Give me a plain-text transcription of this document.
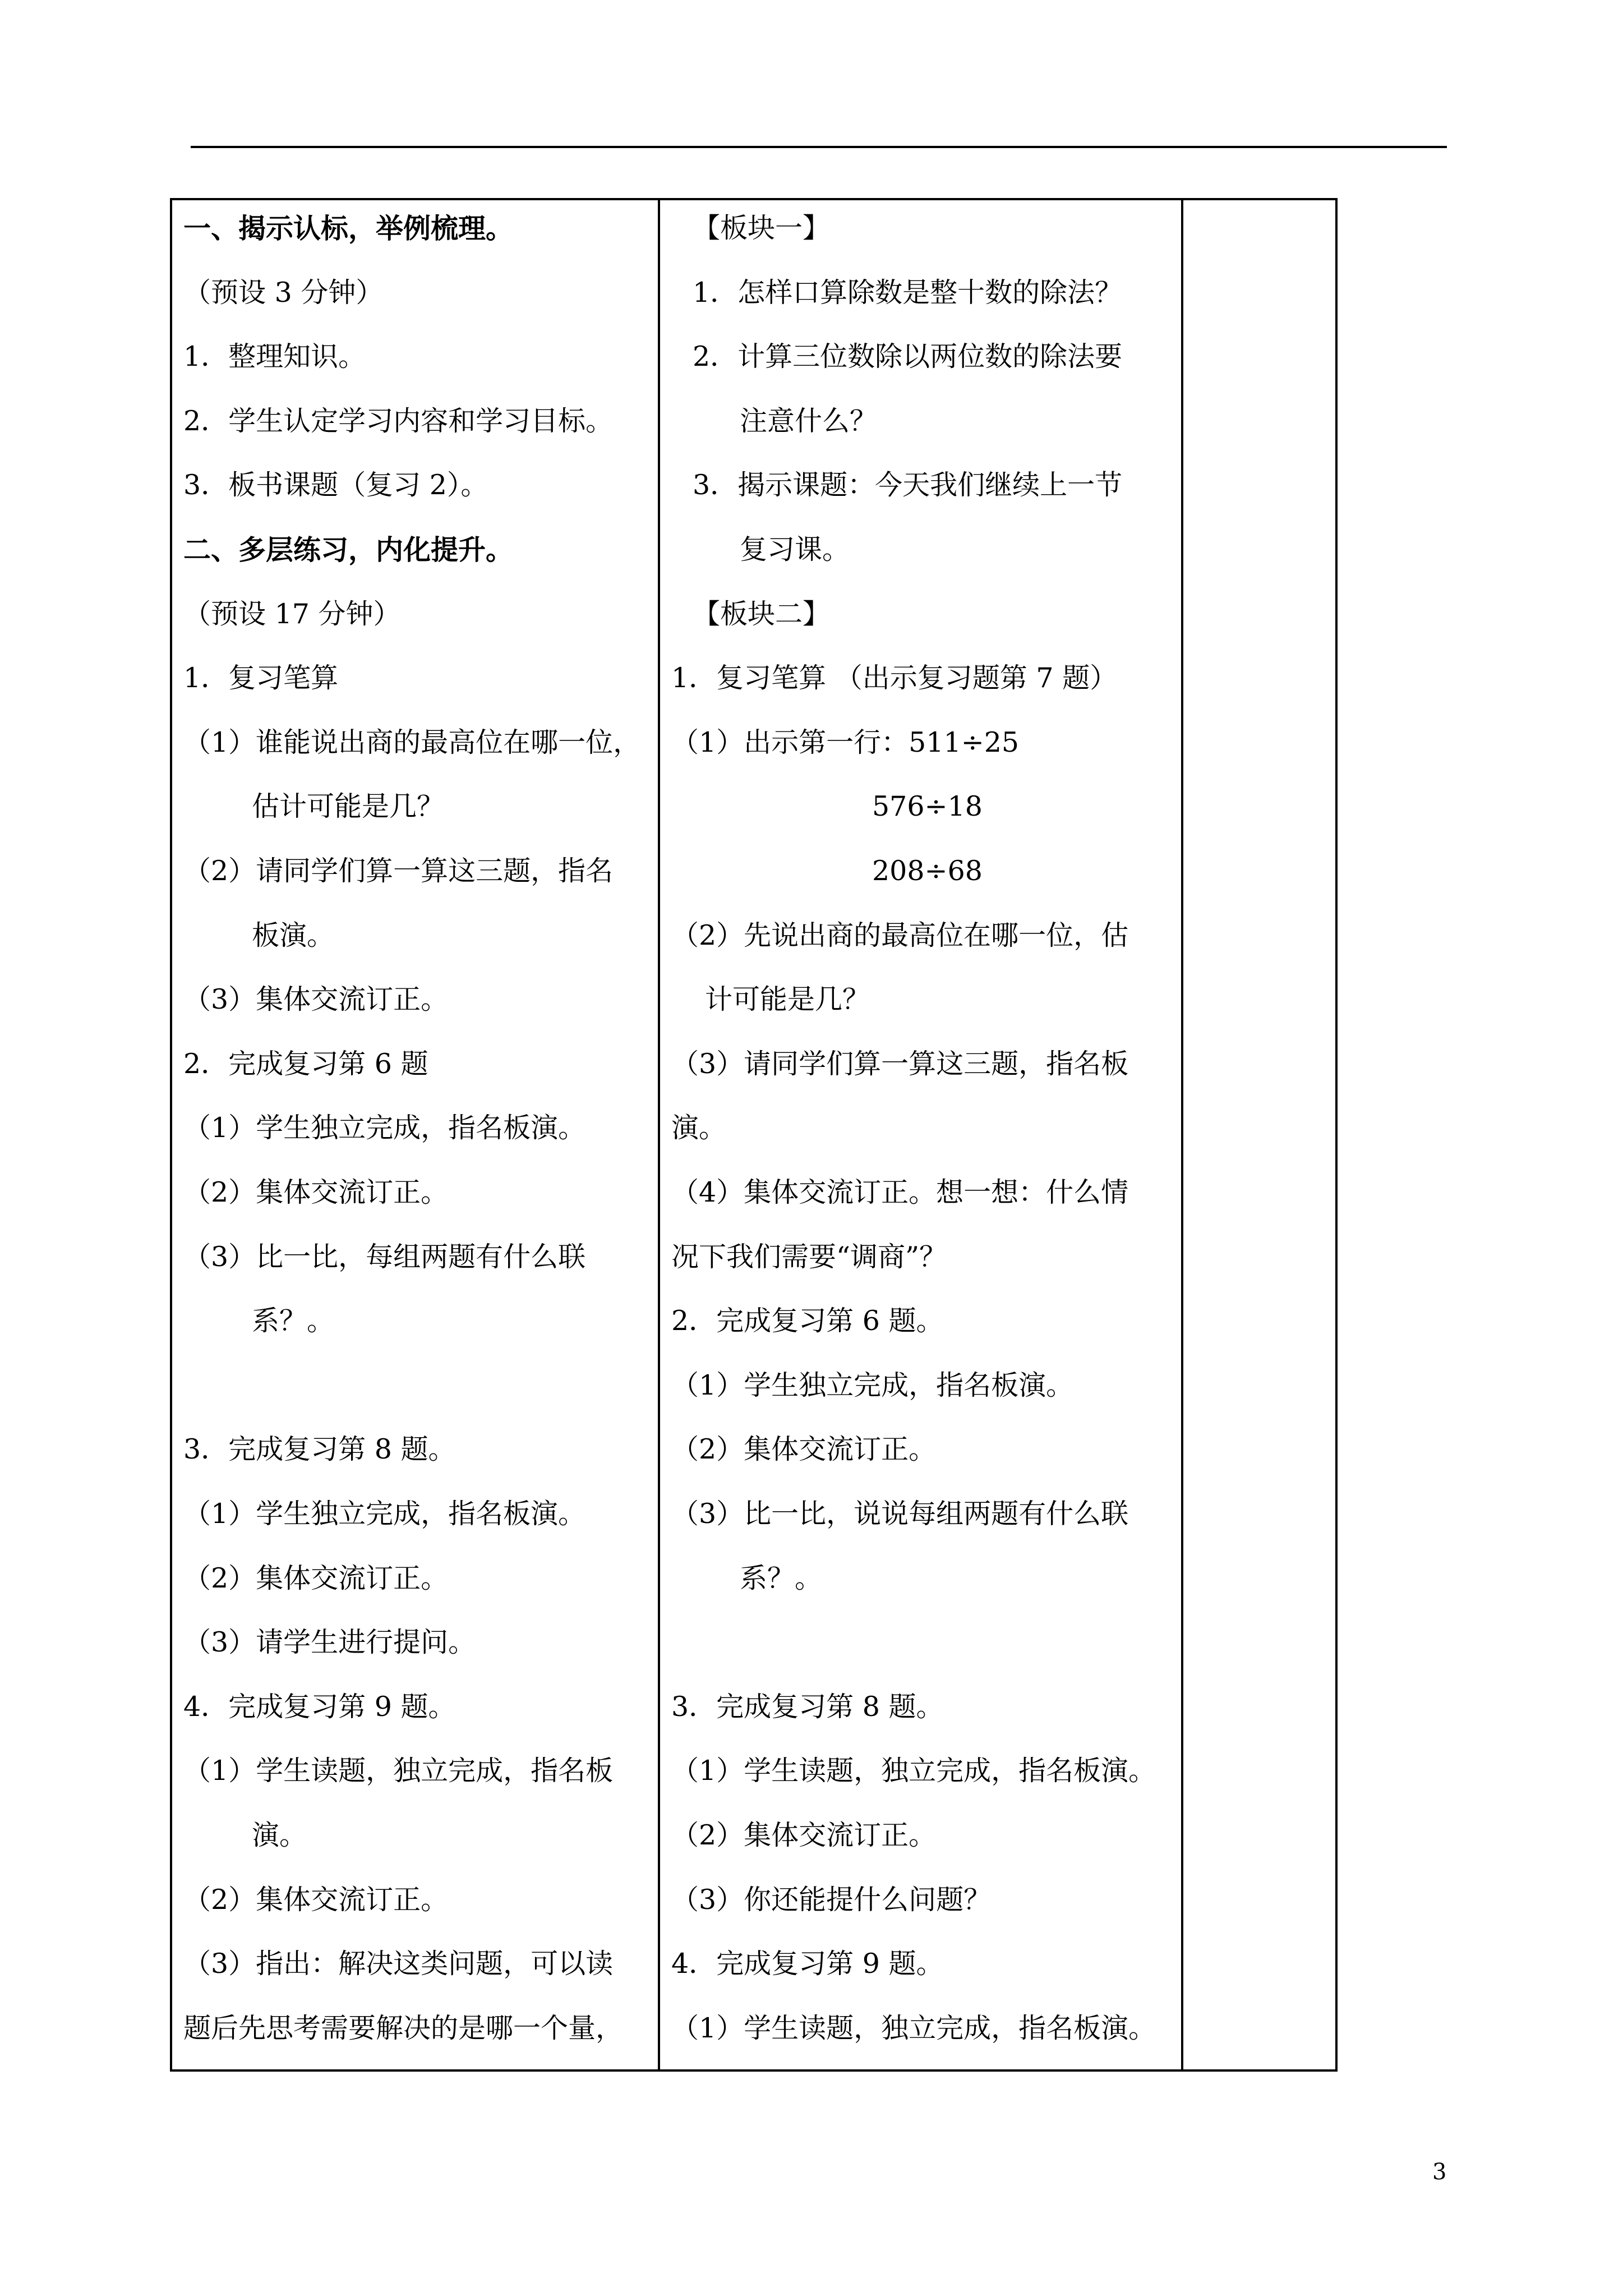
一、揭示认标，举例梳理。
（预设 3 分钟）
1．整理知识。
2．学生认定学习内容和学习目标。
3．板书课题（复习 2）。
二、多层练习，内化提升。
（预设 17 分钟）
1．复习笔算
（1）谁能说出商的最高位在哪一位，
估计可能是几？
（2）请同学们算一算这三题，指名
板演。
（3）集体交流订正。
2．完成复习第 6 题
（1）学生独立完成，指名板演。
（2）集体交流订正。
（3）比一比，每组两题有什么联
系？。
3．完成复习第 8 题。
（1）学生独立完成，指名板演。
（2）集体交流订正。
（3）请学生进行提问。
4．完成复习第 9 题。
（1）学生读题，独立完成，指名板
演。
（2）集体交流订正。
（3）指出：解决这类问题，可以读
题后先思考需要解决的是哪一个量，
【板块一】
1．怎样口算除数是整十数的除法？
2．计算三位数除以两位数的除法要
注意什么？
3．揭示课题：今天我们继续上一节
复习课。
【板块二】
1．复习笔算 （出示复习题第 7 题）
（1）出示第一行：511÷25
576÷18
208÷68
（2）先说出商的最高位在哪一位，估
计可能是几？
（3）请同学们算一算这三题，指名板
演。
（4）集体交流订正。想一想：什么情
况下我们需要“调商”？
2．完成复习第 6 题。
（1）学生独立完成，指名板演。
（2）集体交流订正。
（3）比一比，说说每组两题有什么联
系？。
3．完成复习第 8 题。
（1）学生读题，独立完成，指名板演。
（2）集体交流订正。
（3）你还能提什么问题？
4．完成复习第 9 题。
（1）学生读题，独立完成，指名板演。
3
